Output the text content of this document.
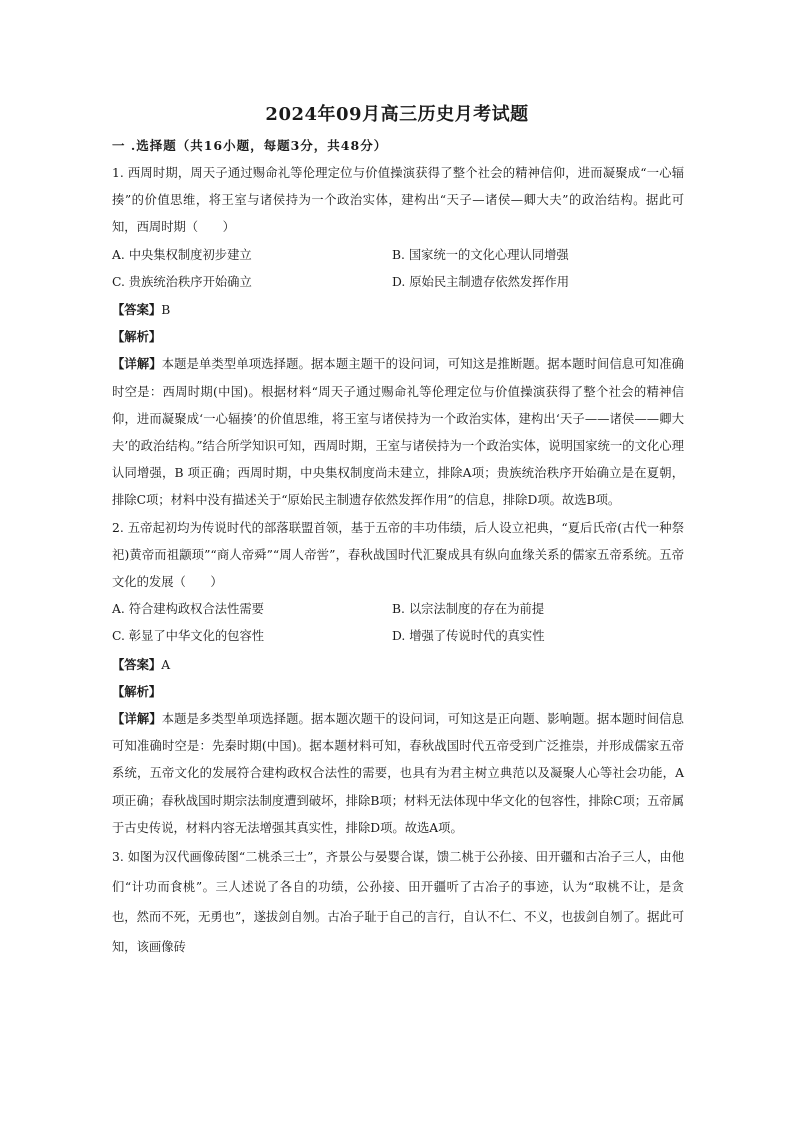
2024年09月高三历史月考试题
一 .选择题（共16小题，每题3分，共48分）

1. 西周时期，周天子通过赐命礼等伦理定位与价值操演获得了整个社会的精神信仰，进而凝聚成“一心辐揍”的价值思维，将王室与诸侯持为一个政治实体，建构出“天子—诸侯—卿大夫”的政治结构。据此可知，西周时期（　　）

A. 中央集权制度初步建立	B. 国家统一的文化心理认同增强
C. 贵族统治秩序开始确立	D. 原始民主制遗存依然发挥作用
【答案】B
【解析】

【详解】本题是单类型单项选择题。据本题主题干的设问词，可知这是推断题。据本题时间信息可知准确时空是：西周时期(中国)。根据材料“周天子通过赐命礼等伦理定位与价值操演获得了整个社会的精神信仰，进而凝聚成‘一心辐揍’的价值思维，将王室与诸侯持为一个政治实体，建构出‘天子——诸侯——卿大夫’的政治结构。”结合所学知识可知，西周时期，王室与诸侯持为一个政治实体，说明国家统一的文化心理认同增强，B 项正确；西周时期，中央集权制度尚未建立，排除A项；贵族统治秩序开始确立是在夏朝，排除C项；材料中没有描述关于“原始民主制遗存依然发挥作用”的信息，排除D项。故选B项。

2. 五帝起初均为传说时代的部落联盟首领，基于五帝的丰功伟绩，后人设立祀典，“夏后氏帝(古代一种祭祀)黄帝而祖颛顼”“商人帝舜”“周人帝喾”，春秋战国时代汇聚成具有纵向血缘关系的儒家五帝系统。五帝文化的发展（　　）

A. 符合建构政权合法性需要	B. 以宗法制度的存在为前提
C. 彰显了中华文化的包容性	D. 增强了传说时代的真实性
【答案】A
【解析】

【详解】本题是多类型单项选择题。据本题次题干的设问词，可知这是正向题、影响题。据本题时间信息可知准确时空是：先秦时期(中国)。据本题材料可知，春秋战国时代五帝受到广泛推崇，并形成儒家五帝系统，五帝文化的发展符合建构政权合法性的需要，也具有为君主树立典范以及凝聚人心等社会功能，A项正确；春秋战国时期宗法制度遭到破坏，排除B项；材料无法体现中华文化的包容性，排除C项；五帝属于古史传说，材料内容无法增强其真实性，排除D项。故选A项。

3. 如图为汉代画像砖图“二桃杀三士”，齐景公与晏婴合谋，馈二桃于公孙接、田开疆和古冶子三人，由他们“计功而食桃”。三人述说了各自的功绩，公孙接、田开疆听了古冶子的事迹，认为“取桃不让，是贪也，然而不死，无勇也”，遂拔剑自刎。古冶子耻于自己的言行，自认不仁、不义，也拔剑自刎了。据此可知，该画像砖
